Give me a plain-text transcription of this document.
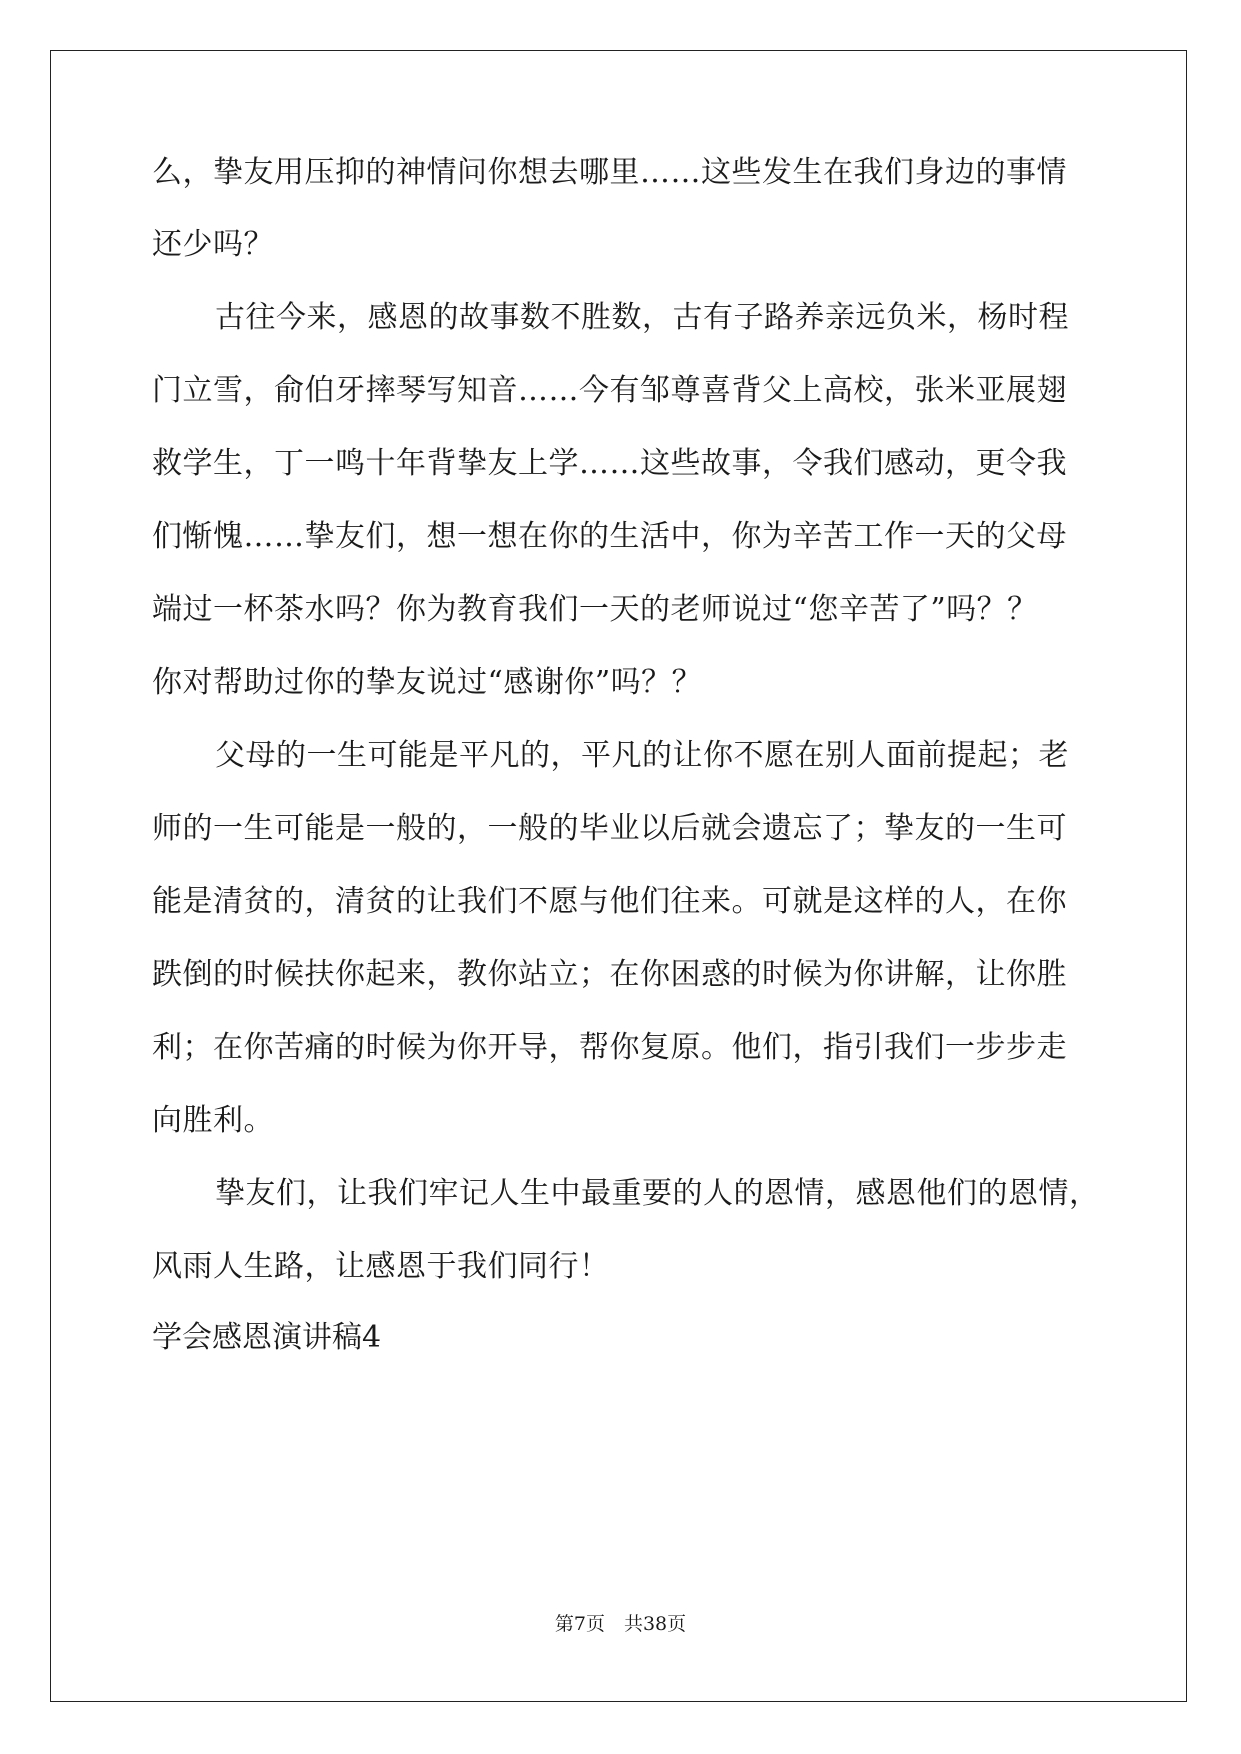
么，挚友用压抑的神情问你想去哪里……这些发生在我们身边的事情
还少吗？
古往今来，感恩的故事数不胜数，古有子路养亲远负米，杨时程
门立雪，俞伯牙摔琴写知音……今有邹尊喜背父上高校，张米亚展翅
救学生，丁一鸣十年背挚友上学……这些故事，令我们感动，更令我
们惭愧……挚友们，想一想在你的生活中，你为辛苦工作一天的父母
端过一杯茶水吗？你为教育我们一天的老师说过“您辛苦了”吗？？
你对帮助过你的挚友说过“感谢你”吗？？
父母的一生可能是平凡的，平凡的让你不愿在别人面前提起；老
师的一生可能是一般的，一般的毕业以后就会遗忘了；挚友的一生可
能是清贫的，清贫的让我们不愿与他们往来。可就是这样的人，在你
跌倒的时候扶你起来，教你站立；在你困惑的时候为你讲解，让你胜
利；在你苦痛的时候为你开导，帮你复原。他们，指引我们一步步走
向胜利。
挚友们，让我们牢记人生中最重要的人的恩情，感恩他们的恩情，
风雨人生路，让感恩于我们同行！
学会感恩演讲稿4
第7页　共38页
